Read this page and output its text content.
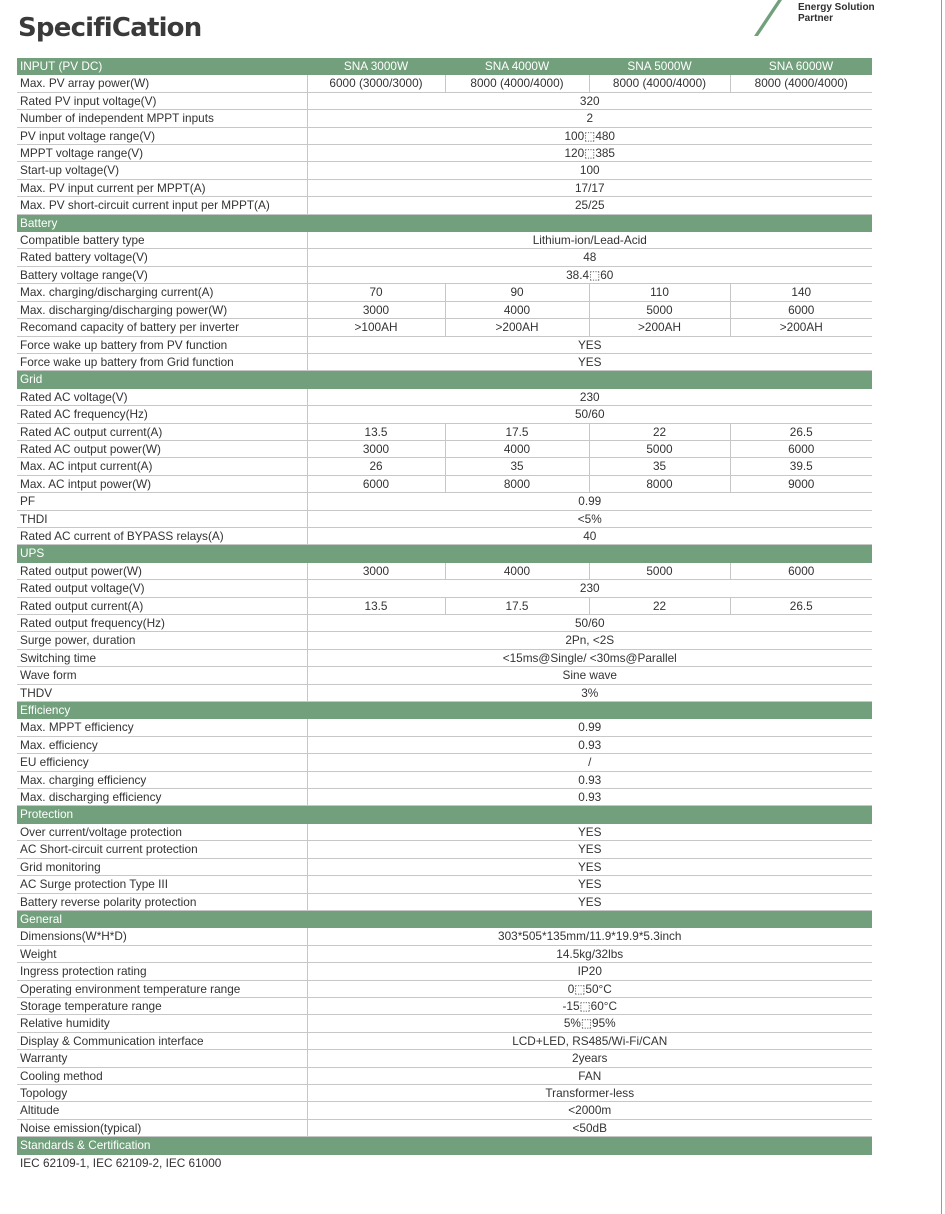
SpecifiCation
Energy Solution
Partner
INPUT (PV DC)	SNA 3000W	SNA 4000W	SNA 5000W	SNA 6000W
Max. PV array power(W)	6000 (3000/3000)	8000 (4000/4000)	8000 (4000/4000)	8000 (4000/4000)
Rated PV input voltage(V)	320			
Number of independent MPPT inputs	2			
PV input voltage range(V)	100⬚480			
MPPT voltage range(V)	120⬚385			
Start-up voltage(V)	100			
Max. PV input current per MPPT(A)	17/17			
Max. PV short-circuit current input per MPPT(A)	25/25			
Battery				
Compatible battery type	Lithium-ion/Lead-Acid			
Rated battery voltage(V)	48			
Battery voltage range(V)	38.4⬚60			
Max. charging/discharging current(A)	70	90	110	140
Max. discharging/discharging power(W)	3000	4000	5000	6000
Recomand capacity of battery per inverter	>100AH	>200AH	>200AH	>200AH
Force wake up battery from PV function	YES			
Force wake up battery from Grid function	YES			
Grid				
Rated AC voltage(V)	230			
Rated AC frequency(Hz)	50/60			
Rated AC output current(A)	13.5	17.5	22	26.5
Rated AC output power(W)	3000	4000	5000	6000
Max. AC intput current(A)	26	35	35	39.5
Max. AC intput power(W)	6000	8000	8000	9000
PF	0.99			
THDI	<5%			
Rated AC current of BYPASS relays(A)	40			
UPS				
Rated output power(W)	3000	4000	5000	6000
Rated output voltage(V)	230			
Rated output current(A)	13.5	17.5	22	26.5
Rated output frequency(Hz)	50/60			
Surge power, duration	2Pn, <2S			
Switching time	<15ms@Single/ <30ms@Parallel			
Wave form	Sine wave			
THDV	3%			
Efficiency				
Max. MPPT efficiency	0.99			
Max. efficiency	0.93			
EU efficiency	/			
Max. charging efficiency	0.93			
Max. discharging efficiency	0.93			
Protection				
Over current/voltage protection	YES			
AC Short-circuit current protection	YES			
Grid monitoring	YES			
AC Surge protection Type III	YES			
Battery reverse polarity protection	YES			
General				
Dimensions(W*H*D)	303*505*135mm/11.9*19.9*5.3inch			
Weight	14.5kg/32lbs			
Ingress protection rating	IP20			
Operating environment temperature range	0⬚50°C			
Storage temperature range	-15⬚60°C			
Relative humidity	5%⬚95%			
Display & Communication interface	LCD+LED, RS485/Wi-Fi/CAN			
Warranty	2years			
Cooling method	FAN			
Topology	Transformer-less			
Altitude	<2000m			
Noise emission(typical)	<50dB			
Standards & Certification				
IEC 62109-1, IEC 62109-2, IEC 61000				
